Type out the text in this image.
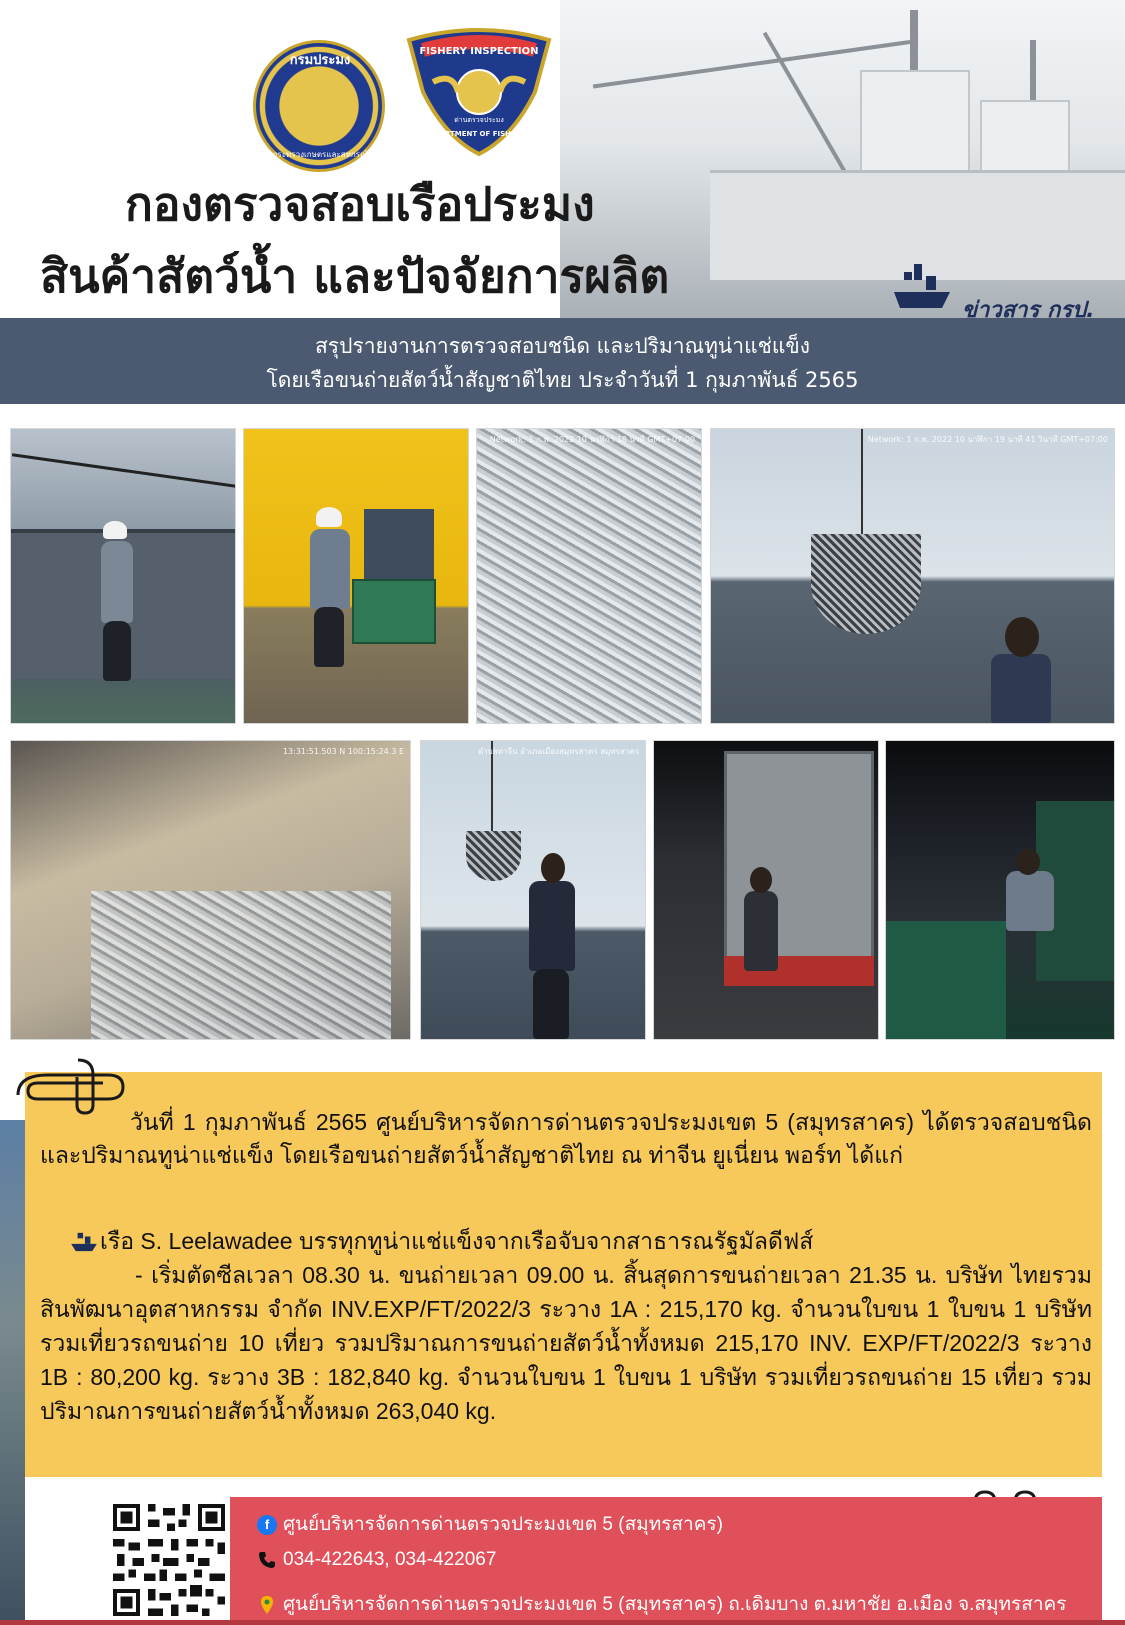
กรมประมง
กระทรวงเกษตรและสหกรณ์
FISHERY INSPECTION
ด่านตรวจประมง
DEPARTMENT OF FISHERIES
กองตรวจสอบเรือประมง
สินค้าสัตว์น้ำ และปัจจัยการผลิต
ข่าวสาร กรป.
สรุปรายงานการตรวจสอบชนิด และปริมาณทูน่าแช่แข็ง
โดยเรือขนถ่ายสัตว์น้ำสัญชาติไทย ประจำวันที่ 1 กุมภาพันธ์ 2565
Network: 1 ก.พ. 2022 10 นาฬิกา 18 นาที GMT+07:00	Network: 1 ก.พ. 2022 10 นาฬิกา 19 นาที 41 วินาที GMT+07:00
13:31:51.503 N 100:15:24.3 E	ตำบลท่าจีน อำเภอเมืองสมุทรสาคร สมุทรสาคร

วันที่ 1 กุมภาพันธ์ 2565 ศูนย์บริหารจัดการด่านตรวจประมงเขต 5 (สมุทรสาคร) ได้ตรวจสอบชนิด และปริมาณทูน่าแช่แข็ง โดยเรือขนถ่ายสัตว์น้ำสัญชาติไทย ณ ท่าจีน ยูเนี่ยน พอร์ท ได้แก่

เรือ S. Leelawadee บรรทุกทูน่าแช่แข็งจากเรือจับจากสาธารณรัฐมัลดีฟส์

- เริ่มตัดซีลเวลา 08.30 น. ขนถ่ายเวลา 09.00 น. สิ้นสุดการขนถ่ายเวลา 21.35 น. บริษัท ไทยรวมสินพัฒนาอุตสาหกรรม จำกัด INV.EXP/FT/2022/3 ระวาง 1A : 215,170 kg. จำนวนใบขน 1 ใบขน 1 บริษัท รวมเที่ยวรถขนถ่าย 10 เที่ยว รวมปริมาณการขนถ่ายสัตว์น้ำทั้งหมด 215,170 INV. EXP/FT/2022/3 ระวาง 1B : 80,200 kg. ระวาง 3B : 182,840 kg. จำนวนใบขน 1 ใบขน 1 บริษัท รวมเที่ยวรถขนถ่าย 15 เที่ยว รวมปริมาณการขนถ่ายสัตว์น้ำทั้งหมด 263,040 kg.

f ศูนย์บริหารจัดการด่านตรวจประมงเขต 5 (สมุทรสาคร)
034-422643, 034-422067
ศูนย์บริหารจัดการด่านตรวจประมงเขต 5 (สมุทรสาคร) ถ.เดิมบาง ต.มหาชัย อ.เมือง จ.สมุทรสาคร
